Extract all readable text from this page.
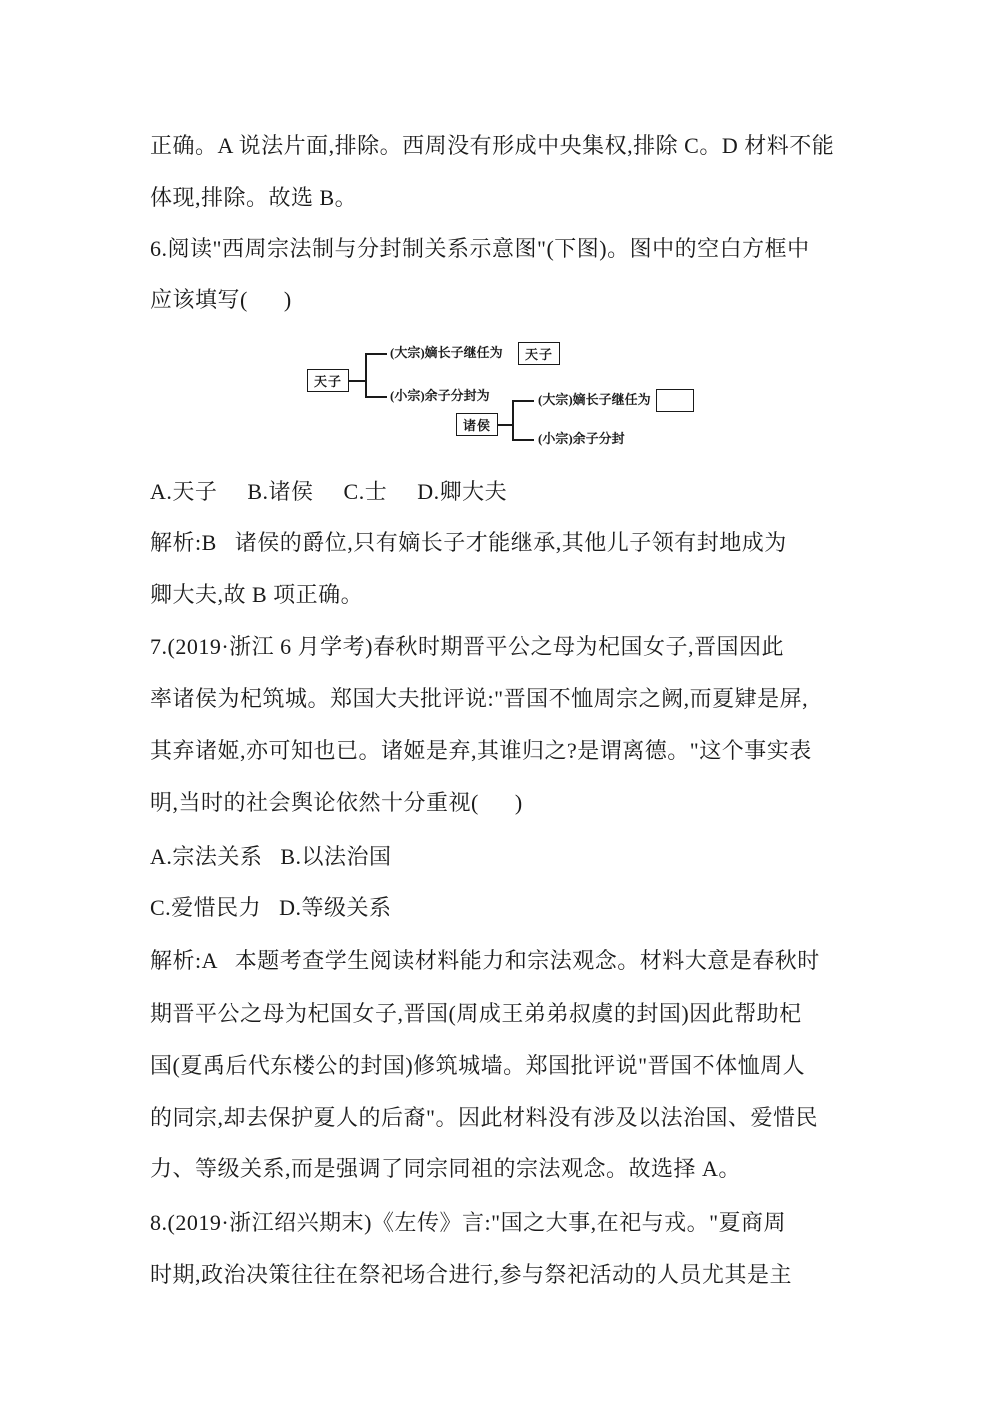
正确。A 说法片面,排除。西周没有形成中央集权,排除 C。D 材料不能
体现,排除。故选 B。
6.阅读"西周宗法制与分封制关系示意图"(下图)。图中的空白方框中
应该填写(      )
天子
(大宗)嫡长子继任为	天子
(小宗)余子分封为
诸侯
(大宗)嫡长子继任为
(小宗)余子分封
A.天子     B.诸侯     C.士     D.卿大夫
解析:B   诸侯的爵位,只有嫡长子才能继承,其他儿子领有封地成为
卿大夫,故 B 项正确。
7.(2019·浙江 6 月学考)春秋时期晋平公之母为杞国女子,晋国因此
率诸侯为杞筑城。郑国大夫批评说:"晋国不恤周宗之阙,而夏肄是屏,
其弃诸姬,亦可知也已。诸姬是弃,其谁归之?是谓离德。"这个事实表
明,当时的社会舆论依然十分重视(      )
A.宗法关系   B.以法治国
C.爱惜民力   D.等级关系
解析:A   本题考查学生阅读材料能力和宗法观念。材料大意是春秋时
期晋平公之母为杞国女子,晋国(周成王弟弟叔虞的封国)因此帮助杞
国(夏禹后代东楼公的封国)修筑城墙。郑国批评说"晋国不体恤周人
的同宗,却去保护夏人的后裔"。因此材料没有涉及以法治国、爱惜民
力、等级关系,而是强调了同宗同祖的宗法观念。故选择 A。
8.(2019·浙江绍兴期末)《左传》言:"国之大事,在祀与戎。"夏商周
时期,政治决策往往在祭祀场合进行,参与祭祀活动的人员尤其是主
